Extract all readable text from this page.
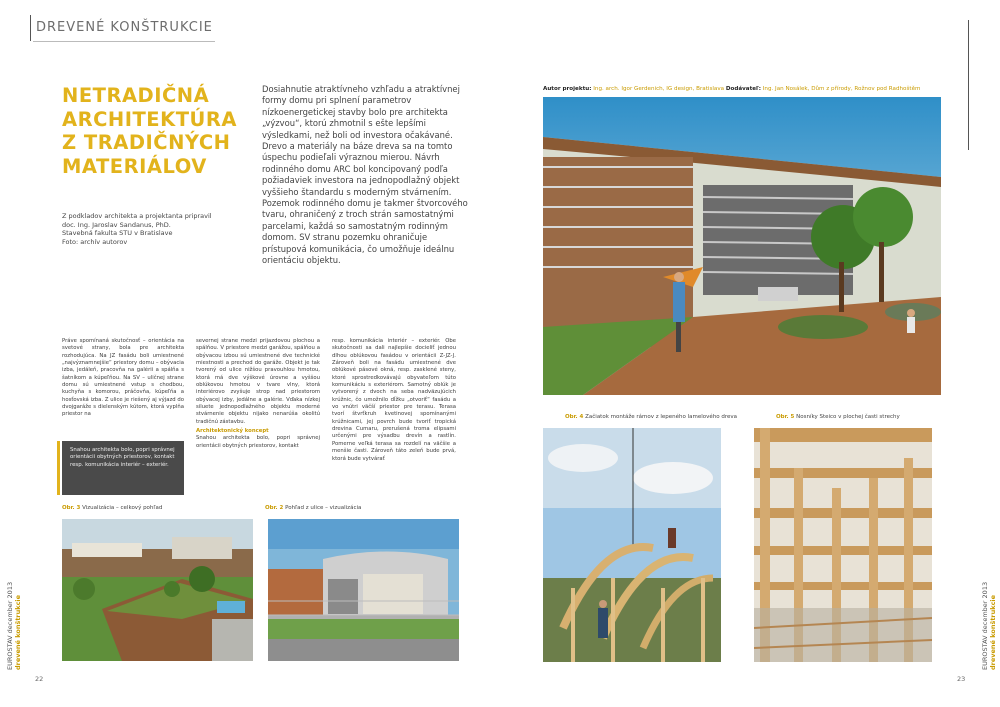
DREVENÉ KONŠTRUKCIE
NETRADIČNÁ
ARCHITEKTÚRA
Z TRADIČNÝCH
MATERIÁLOV
Z podkladov architekta a projektanta pripravil
doc. Ing. Jaroslav Sandanus, PhD.
Stavebná fakulta STU v Bratislave
Foto: archív autorov
Dosiahnutie atraktívneho vzhľadu a atraktívnej formy domu pri splnení parametrov nízkoenergetickej stavby bolo pre architekta „výzvou“, ktorú zhmotnil s ešte lepšími výsledkami, než boli od investora očakávané. Drevo a materiály na báze dreva sa na tomto úspechu podieľali výraznou mierou. Návrh rodinného domu ARC bol koncipovaný podľa požiadaviek investora na jednopodlažný objekt vyššieho štandardu s moderným stvárnením. Pozemok rodinného domu je takmer štvorcového tvaru, ohraničený z troch strán samostatnými parcelami, každá so samostatným rodinným domom. SV stranu pozemku ohraničuje prístupová komunikácia, čo umožňuje ideálnu orientáciu objektu.
Práve spomínaná skutočnosť – orientácia na svetové strany, bola pre architekta rozhodujúca. Na JZ fasádu boli umiestnené „najvýznamnejšie“ priestory domu – obývacia izba, jedáleň, pracovňa na galérii a spálňa s šatníkom a kúpeľňou. Na SV – uličnej strane domu sú umiestnené vstup s chodbou, kuchyňa s komorou, práčovňa, kúpeľňa a hosťovská izba. Z ulice je riešený aj výjazd do dvojgaráže s dielenským kútom, ktorá vyplňa priestor na
severnej strane medzi prijazdovou plochou a spálňou. V priestore medzi garážou, spálňou a obývacou izbou sú umiestnené dve technické miestnosti a prechod do garáže. Objekt je tak tvorený od ulice nižšou pravouhlou hmotou, ktorá má dve výškové úrovne a vyššou oblúkovou hmotou v tvare vlny, ktorá interiérovo zvyšuje strop nad priestorom obývacej izby, jedálne a galérie. Vďaka nízkej siluete jednopodlažného objektu moderné stvárnenie objektu nijako nenarúša okolitú tradičnú zástavbu.
Architektonický koncept
Snahou architekta bolo, popri správnej orientácii obytných priestorov, kontakt
resp. komunikácia interiér – exteriér. Obe skutočnosti sa dali najlepšie docieliť jednou dlhou oblúkovou fasádou v orientácii Z-JZ-J. Zároveň boli na fasádu umiestnené dve oblúkové pásové okná, resp. zasklené steny, ktoré sprostredkovávajú obyvateľom túto komunikáciu s exteriérom. Samotný oblúk je vytvorený z dvoch na seba nadväzujúcich krúžnic, čo umožnilo dĺžku „otvoriť“ fasádu a vo vnútri väčší priestor pre terasu. Terasa tvorí štvrťkruh kvetinovej spomínanými krúžnicami, jej povrch bude tvoriť tropická drevina Cumaru, prerušená troma elipsami určenými pre výsadbu drevín a rastlín. Pomerne veľká terasa sa rozdelí na väčšie a menšie časti. Zároveň táto zeleň bude prvá, ktorá bude vytvárať
Snahou architekta bolo, popri správnej orientácii obytných priestorov, kontakt resp. komunikácia interiér – exteriér.
Obr. 3 Vizualizácia – celkový pohľad	Obr. 2 Pohľad z ulice – vizualizácia
Autor projektu: Ing. arch. Igor Gerdenich, IG design, Bratislava Dodávateľ: Ing. Jan Nosálek, Dům z přírody, Rožnov pod Radhoštěm
Obr. 4 Začiatok montáže rámov z lepeného lamelového dreva	Obr. 5 Nosníky Steico v plochej časti strechy
EUROSTAV december 2013 drevené konštrukcie
22
EUROSTAV december 2013 drevené konštrukcie
23
